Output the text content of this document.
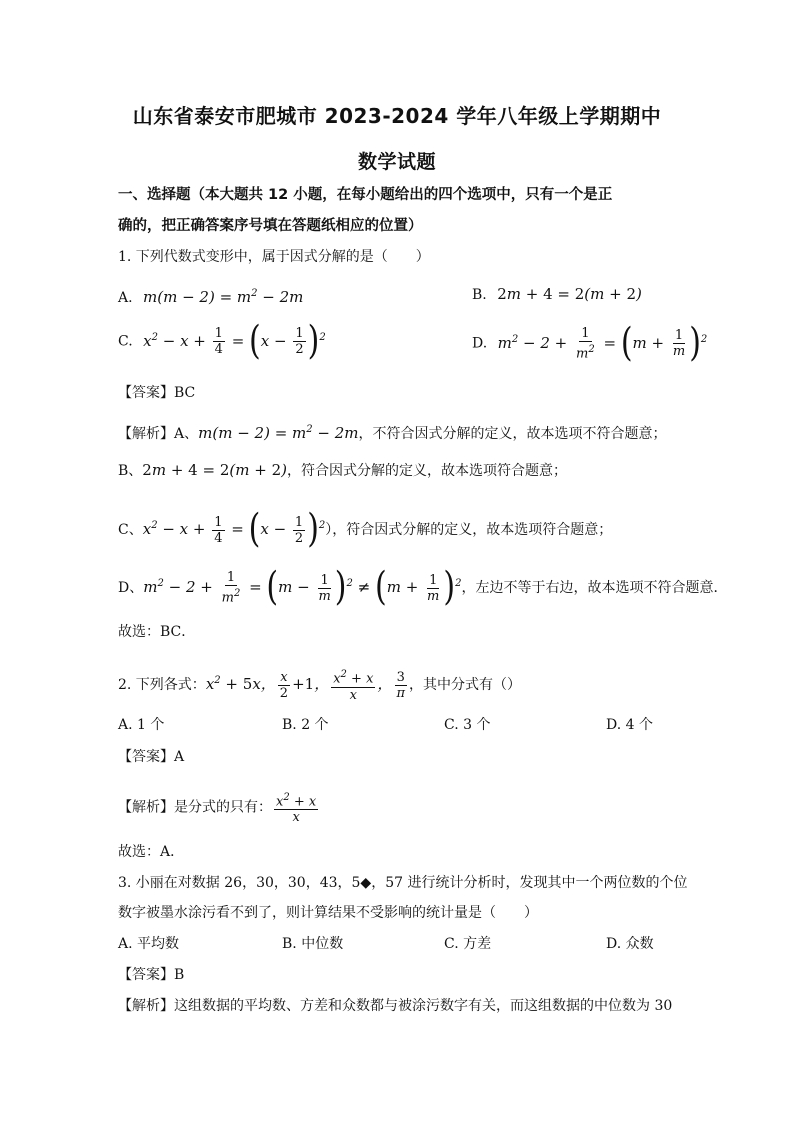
山东省泰安市肥城市 2023-2024 学年八年级上学期期中
数学试题
一、选择题（本大题共 12 小题，在每小题给出的四个选项中，只有一个是正
确的，把正确答案序号填在答题纸相应的位置）
1. 下列代数式变形中，属于因式分解的是（　　）
A. $m(m - 2) = m^2 - 2m$	B. 2m + 4 = 2(m + 2)
C. $x^2 - x + \frac{1}{4} = (x - \frac{1}{2} )^2$	D. $m^2 - 2 + \frac{1}{m^2} = (m + \frac{1}{m} )^2$
【答案】BC
【解析】A、$m(m - 2) = m^2 - 2m$，不符合因式分解的定义，故本选项不符合题意；
B、2m + 4 = 2(m + 2)，符合因式分解的定义，故本选项符合题意；
C、$x^2 - x + \frac{1}{4} = (x - \frac{1}{2} )^2$），符合因式分解的定义，故本选项符合题意；
D、$m^2 - 2 + \frac{1}{m^2} = (m - \frac{1}{m} )^2 \ne (m + \frac{1}{m} )^2$，左边不等于右边，故本选项不符合题意．
故选：BC．
2. 下列各式：$x^2 + 5x$， $\frac{x}{2} +1$， $\frac{x^2 + x}{x}$ ， $\frac{3}{\pi}$ ，其中分式有（）
A. 1 个	B. 2 个	C. 3 个	D. 4 个
【答案】A
【解析】是分式的只有： $\frac{x^2 + x}{x}$
故选：A．
3. 小丽在对数据 26，30，30，43，5◆，57 进行统计分析时，发现其中一个两位数的个位
数字被墨水涂污看不到了，则计算结果不受影响的统计量是（　　）
A. 平均数	B. 中位数	C. 方差	D. 众数
【答案】B
【解析】这组数据的平均数、方差和众数都与被涂污数字有关，而这组数据的中位数为 30
